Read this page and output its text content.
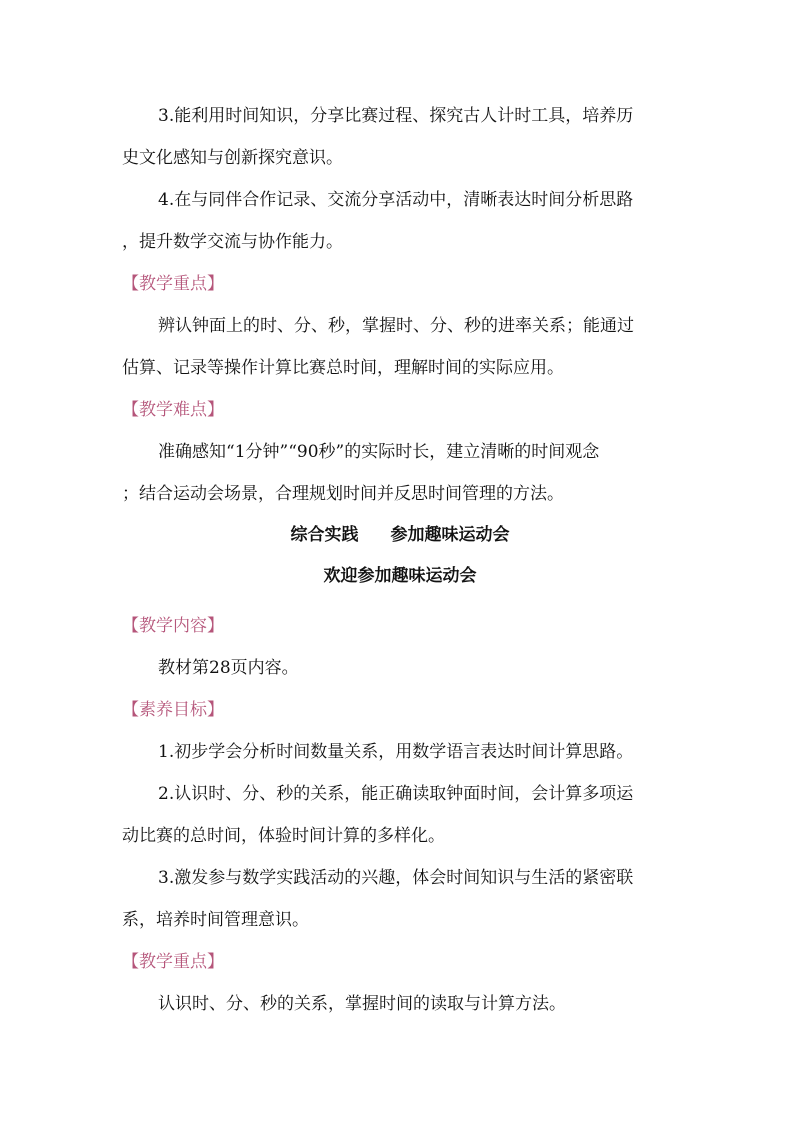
3.能利用时间知识，分享比赛过程、探究古人计时工具，培养历
史文化感知与创新探究意识。
4.在与同伴合作记录、交流分享活动中，清晰表达时间分析思路
，提升数学交流与协作能力。
【教学重点】
辨认钟面上的时、分、秒，掌握时、分、秒的进率关系；能通过
估算、记录等操作计算比赛总时间，理解时间的实际应用。
【教学难点】
准确感知“1分钟”“90秒”的实际时长，建立清晰的时间观念
；结合运动会场景，合理规划时间并反思时间管理的方法。
综合实践 参加趣味运动会
欢迎参加趣味运动会
【教学内容】
教材第28页内容。
【素养目标】
1.初步学会分析时间数量关系，用数学语言表达时间计算思路。
2.认识时、分、秒的关系，能正确读取钟面时间，会计算多项运
动比赛的总时间，体验时间计算的多样化。
3.激发参与数学实践活动的兴趣，体会时间知识与生活的紧密联
系，培养时间管理意识。
【教学重点】
认识时、分、秒的关系，掌握时间的读取与计算方法。
